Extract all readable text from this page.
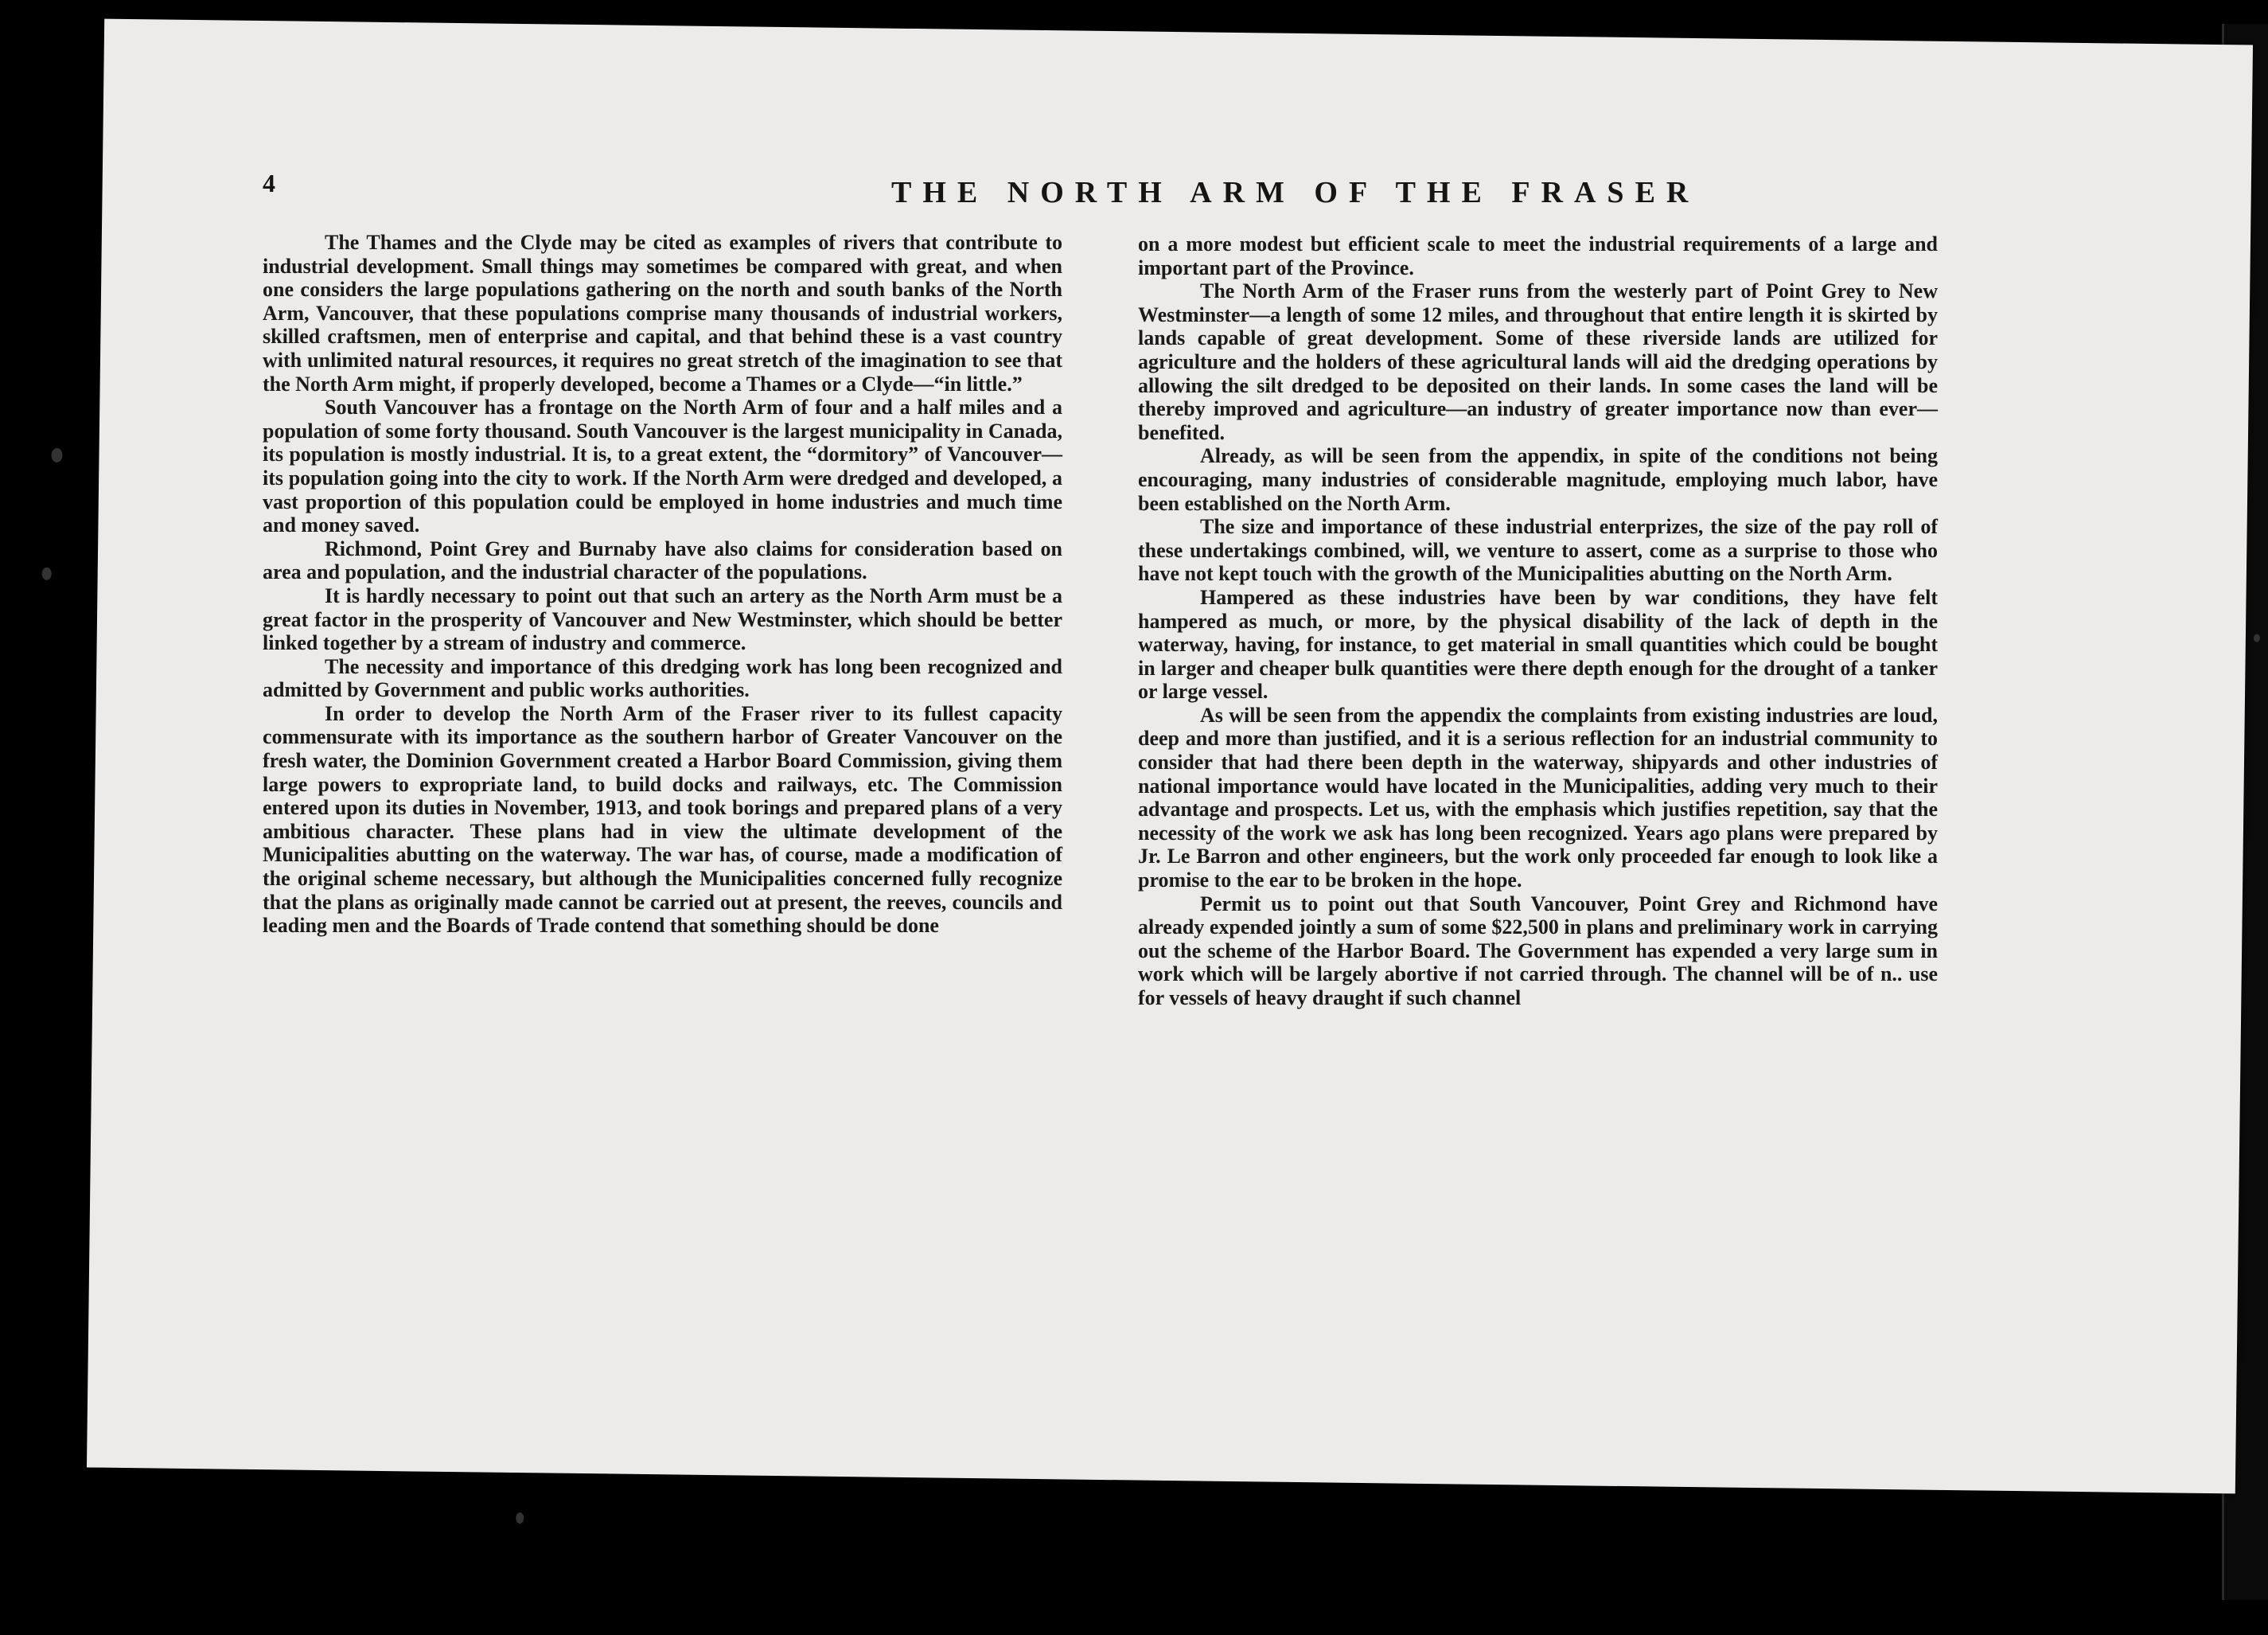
4	THE NORTH ARM OF THE FRASER

The Thames and the Clyde may be cited as examples of rivers that contribute to industrial development. Small things may sometimes be compared with great, and when one considers the large populations gathering on the north and south banks of the North Arm, Vancouver, that these populations comprise many thousands of industrial workers, skilled craftsmen, men of enterprise and capital, and that behind these is a vast country with unlimited natural resources, it requires no great stretch of the imagination to see that the North Arm might, if properly developed, become a Thames or a Clyde—“in little.”

South Vancouver has a frontage on the North Arm of four and a half miles and a population of some forty thousand. South Vancouver is the largest municipality in Canada, its population is mostly industrial. It is, to a great extent, the “dormitory” of Vancouver—its population going into the city to work. If the North Arm were dredged and developed, a vast proportion of this population could be employed in home industries and much time and money saved.

Richmond, Point Grey and Burnaby have also claims for consideration based on area and population, and the industrial character of the populations.

It is hardly necessary to point out that such an artery as the North Arm must be a great factor in the prosperity of Vancouver and New Westminster, which should be better linked together by a stream of industry and commerce.

The necessity and importance of this dredging work has long been recognized and admitted by Government and public works authorities.

In order to develop the North Arm of the Fraser river to its fullest capacity commensurate with its importance as the southern harbor of Greater Vancouver on the fresh water, the Dominion Government created a Harbor Board Commission, giving them large powers to expropriate land, to build docks and railways, etc. The Commission entered upon its duties in November, 1913, and took borings and prepared plans of a very ambitious character. These plans had in view the ultimate development of the Municipalities abutting on the waterway. The war has, of course, made a modification of the original scheme necessary, but although the Municipalities concerned fully recognize that the plans as originally made cannot be carried out at present, the reeves, councils and leading men and the Boards of Trade contend that something should be done

on a more modest but efficient scale to meet the industrial requirements of a large and important part of the Province.

The North Arm of the Fraser runs from the westerly part of Point Grey to New Westminster—a length of some 12 miles, and throughout that entire length it is skirted by lands capable of great development. Some of these riverside lands are utilized for agriculture and the holders of these agricultural lands will aid the dredging operations by allowing the silt dredged to be deposited on their lands. In some cases the land will be thereby improved and agriculture—an industry of greater importance now than ever—benefited.

Already, as will be seen from the appendix, in spite of the conditions not being encouraging, many industries of considerable magnitude, employing much labor, have been established on the North Arm.

The size and importance of these industrial enterprizes, the size of the pay roll of these undertakings combined, will, we venture to assert, come as a surprise to those who have not kept touch with the growth of the Municipalities abutting on the North Arm.

Hampered as these industries have been by war conditions, they have felt hampered as much, or more, by the physical disability of the lack of depth in the waterway, having, for instance, to get material in small quantities which could be bought in larger and cheaper bulk quantities were there depth enough for the drought of a tanker or large vessel.

As will be seen from the appendix the complaints from existing industries are loud, deep and more than justified, and it is a serious reflection for an industrial community to consider that had there been depth in the waterway, shipyards and other industries of national importance would have located in the Municipalities, adding very much to their advantage and prospects. Let us, with the emphasis which justifies repetition, say that the necessity of the work we ask has long been recognized. Years ago plans were prepared by Jr. Le Barron and other engineers, but the work only proceeded far enough to look like a promise to the ear to be broken in the hope.

Permit us to point out that South Vancouver, Point Grey and Richmond have already expended jointly a sum of some $22,500 in plans and preliminary work in carrying out the scheme of the Harbor Board. The Government has expended a very large sum in work which will be largely abortive if not carried through. The channel will be of n.. use for vessels of heavy draught if such channel
